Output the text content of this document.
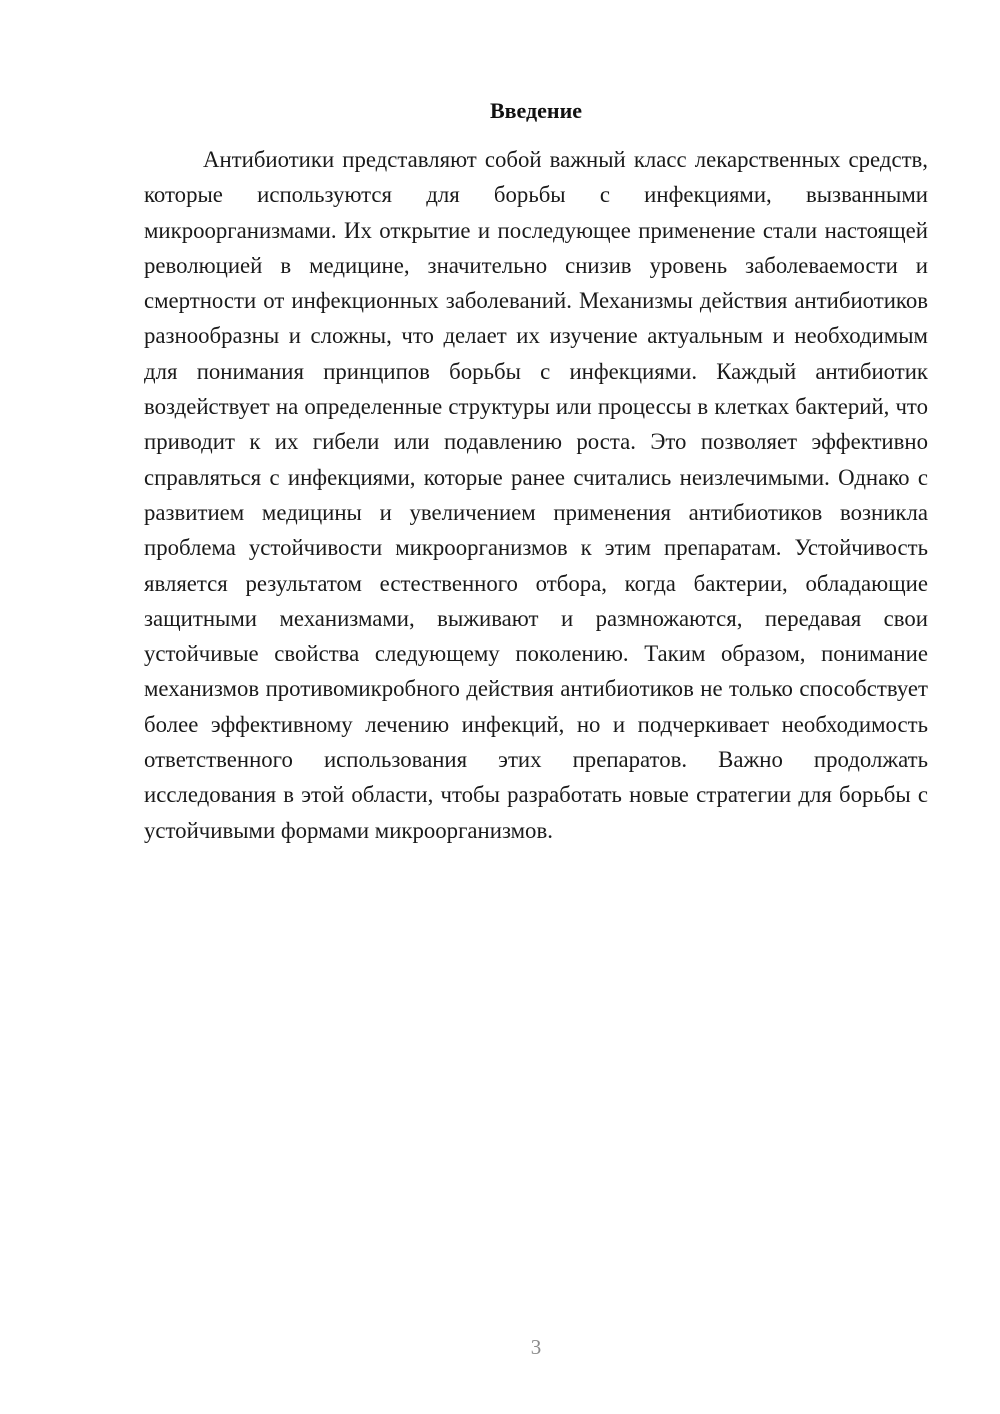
Введение

Антибиотики представляют собой важный класс лекарственных средств, которые используются для борьбы с инфекциями, вызванными микроорганизмами. Их открытие и последующее применение стали настоящей революцией в медицине, значительно снизив уровень заболеваемости и смертности от инфекционных заболеваний. Механизмы действия антибиотиков разнообразны и сложны, что делает их изучение актуальным и необходимым для понимания принципов борьбы с инфекциями. Каждый антибиотик воздействует на определенные структуры или процессы в клетках бактерий, что приводит к их гибели или подавлению роста. Это позволяет эффективно справляться с инфекциями, которые ранее считались неизлечимыми. Однако с развитием медицины и увеличением применения антибиотиков возникла проблема устойчивости микроорганизмов к этим препаратам. Устойчивость является результатом естественного отбора, когда бактерии, обладающие защитными механизмами, выживают и размножаются, передавая свои устойчивые свойства следующему поколению. Таким образом, понимание механизмов противомикробного действия антибиотиков не только способствует более эффективному лечению инфекций, но и подчеркивает необходимость ответственного использования этих препаратов. Важно продолжать исследования в этой области, чтобы разработать новые стратегии для борьбы с устойчивыми формами микроорганизмов.

3
